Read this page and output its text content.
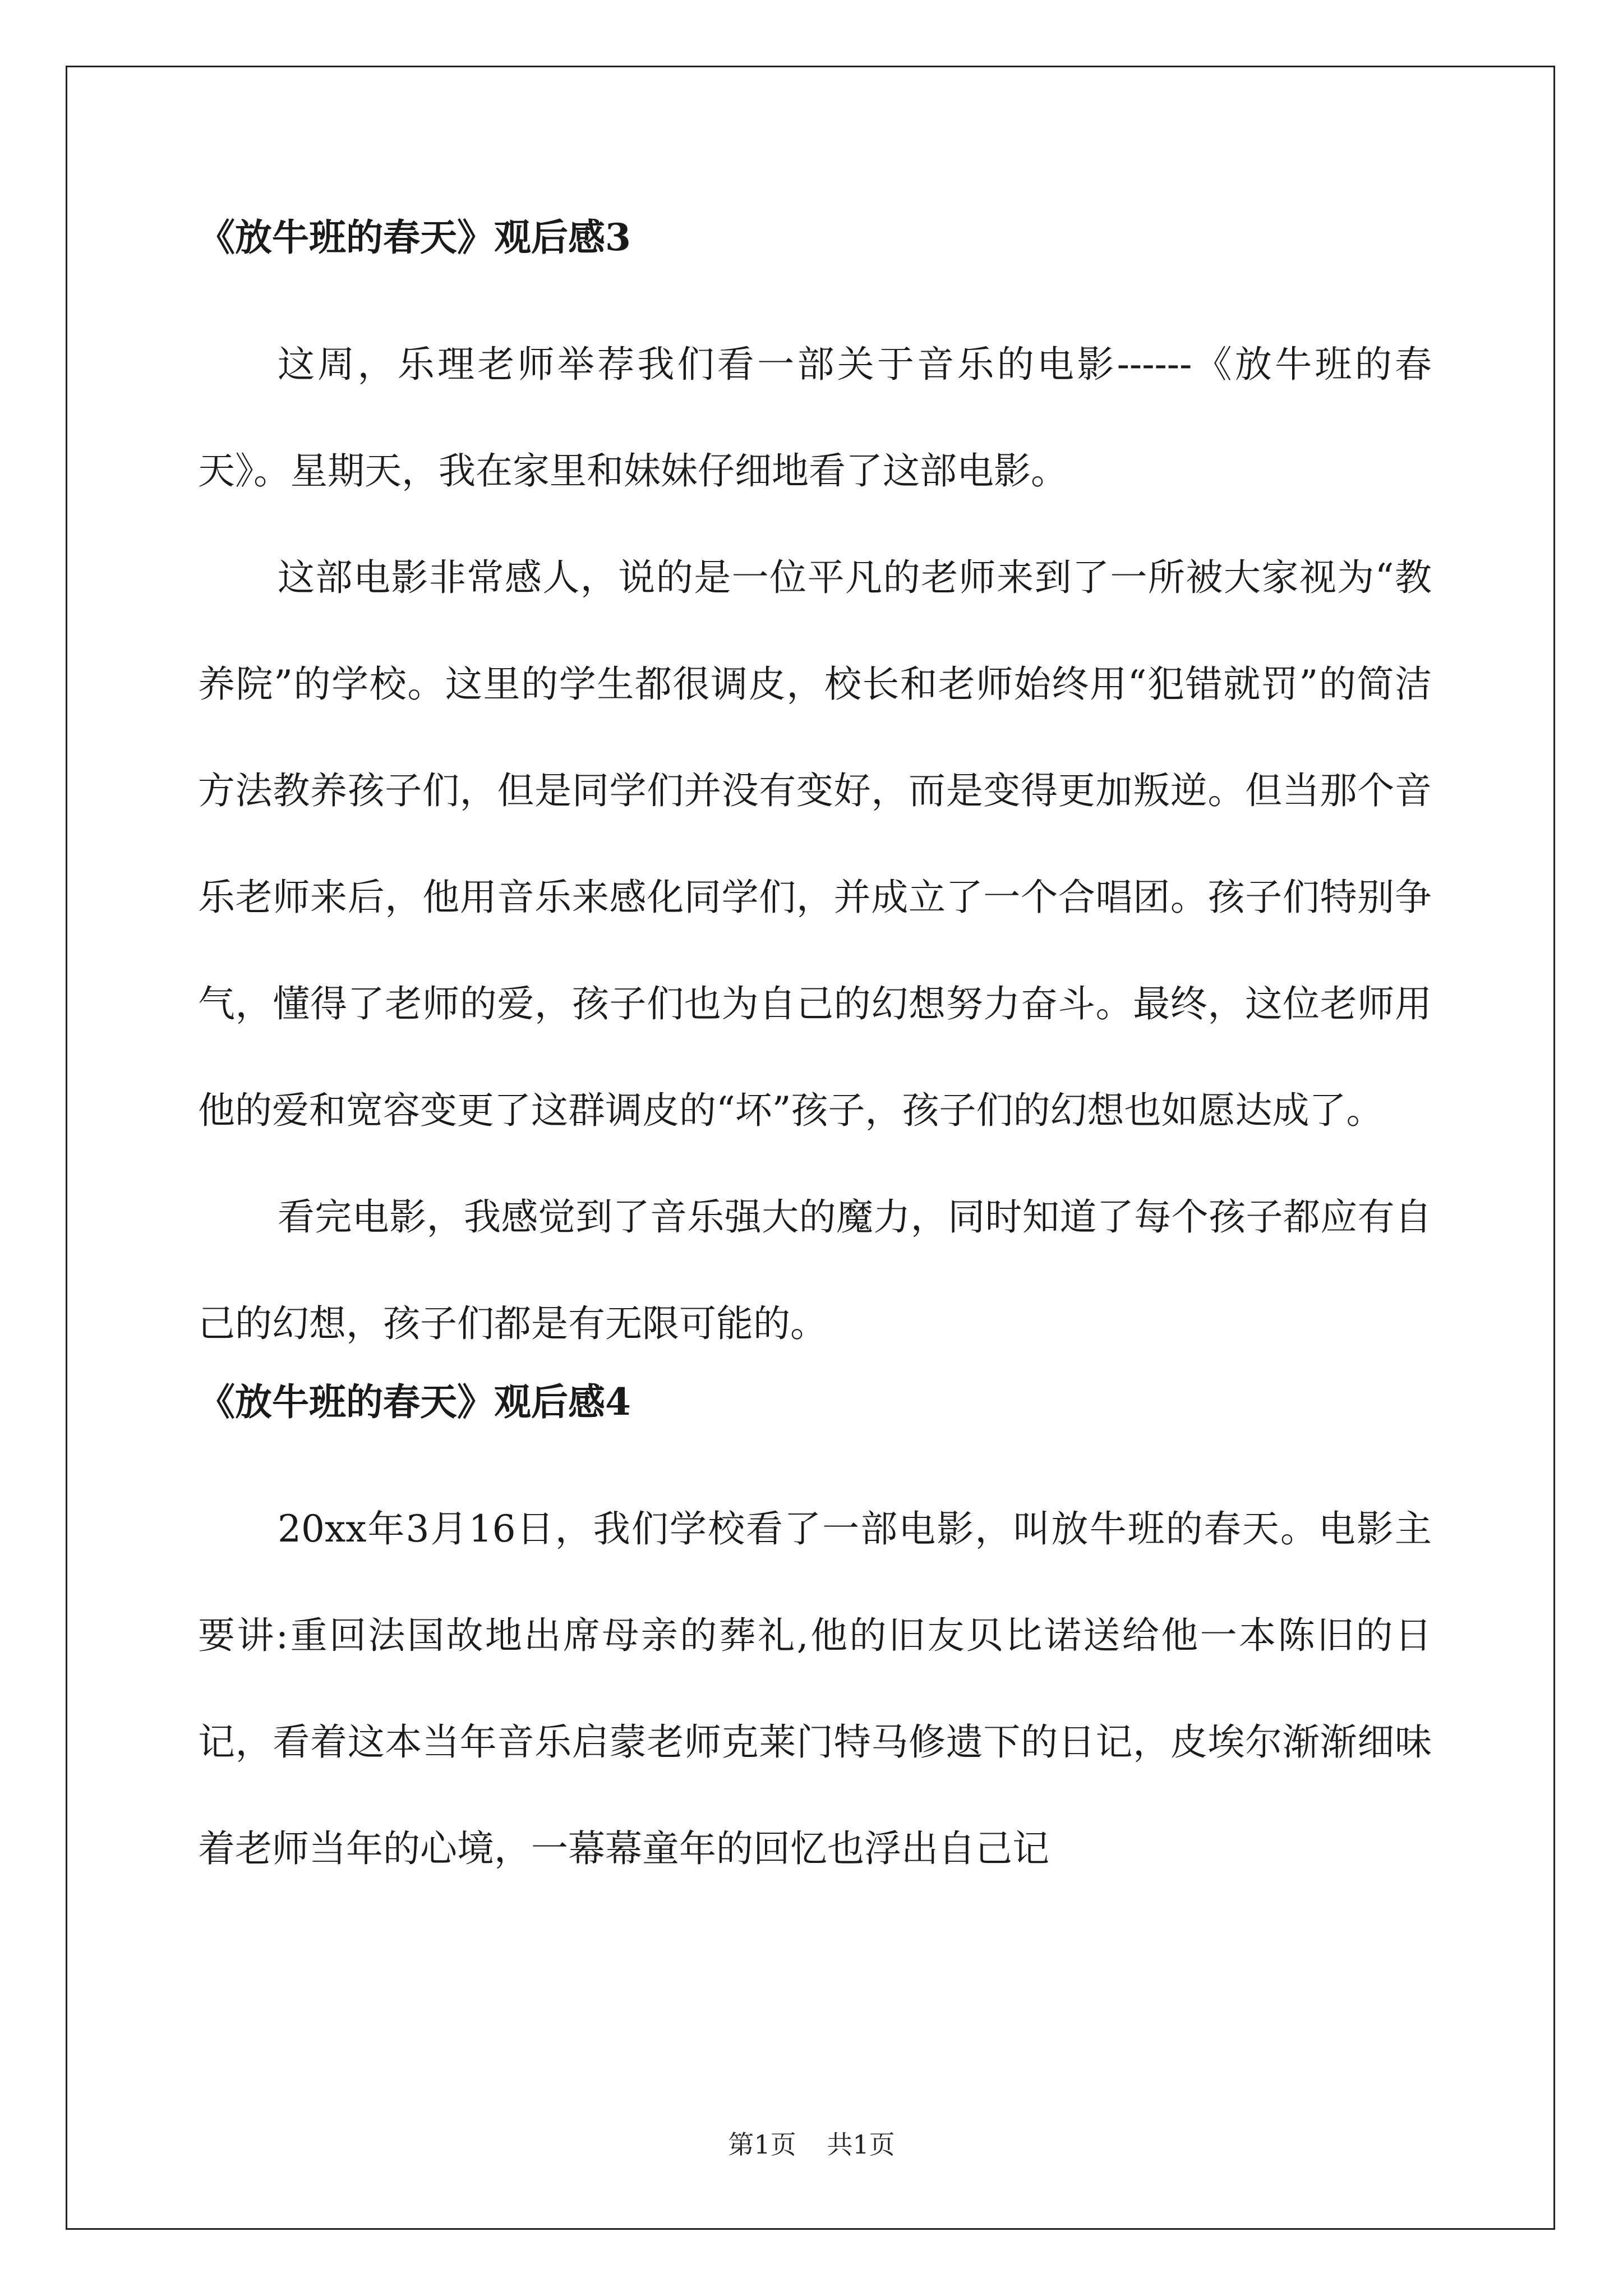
《放牛班的春天》观后感3

这周，乐理老师举荐我们看一部关于音乐的电影------《放牛班的春天》。星期天，我在家里和妹妹仔细地看了这部电影。

这部电影非常感人，说的是一位平凡的老师来到了一所被大家视为“教养院”的学校。这里的学生都很调皮，校长和老师始终用“犯错就罚”的简洁方法教养孩子们，但是同学们并没有变好，而是变得更加叛逆。但当那个音乐老师来后，他用音乐来感化同学们，并成立了一个合唱团。孩子们特别争气，懂得了老师的爱，孩子们也为自己的幻想努力奋斗。最终，这位老师用他的爱和宽容变更了这群调皮的“坏”孩子，孩子们的幻想也如愿达成了。

看完电影，我感觉到了音乐强大的魔力，同时知道了每个孩子都应有自己的幻想，孩子们都是有无限可能的。

《放牛班的春天》观后感4

20xx年3月16日，我们学校看了一部电影，叫放牛班的春天。电影主要讲:重回法国故地出席母亲的葬礼,他的旧友贝比诺送给他一本陈旧的日记，看着这本当年音乐启蒙老师克莱门特马修遗下的日记，皮埃尔渐渐细味着老师当年的心境，一幕幕童年的回忆也浮出自己记

第1页 共1页
